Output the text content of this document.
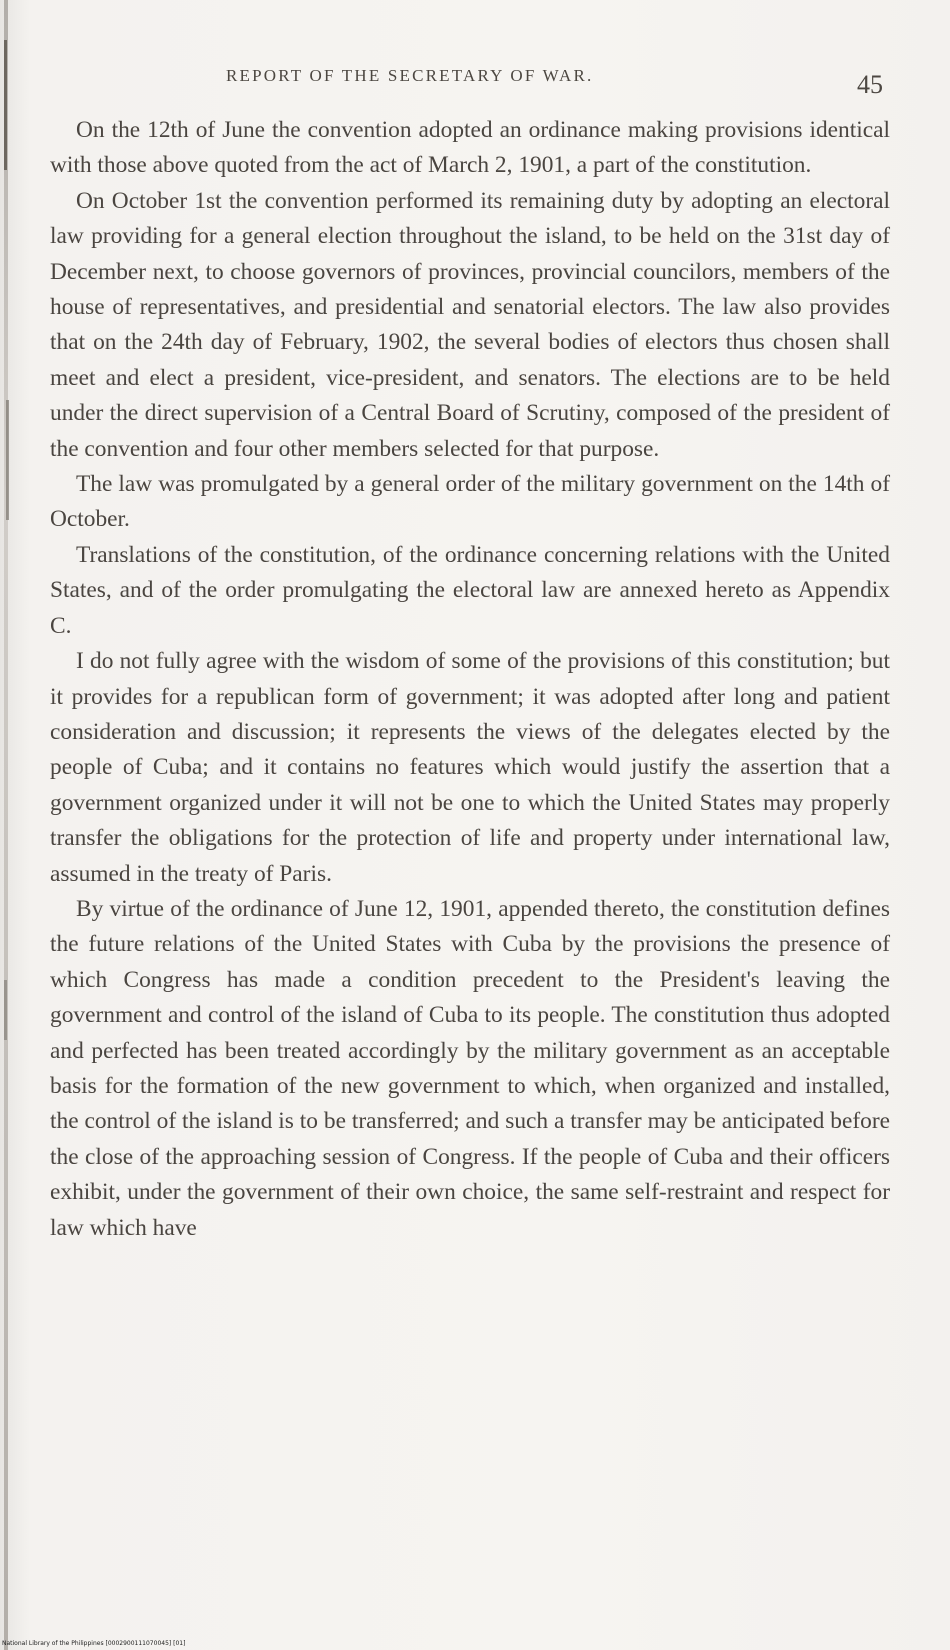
REPORT OF THE SECRETARY OF WAR.	45

On the 12th of June the convention adopted an ordinance making provisions identical with those above quoted from the act of March 2, 1901, a part of the constitution.

On October 1st the convention performed its remaining duty by adopting an electoral law providing for a general election throughout the island, to be held on the 31st day of December next, to choose governors of provinces, provincial councilors, members of the house of representatives, and presidential and senatorial electors. The law also provides that on the 24th day of February, 1902, the several bodies of electors thus chosen shall meet and elect a president, vice-president, and senators. The elections are to be held under the direct supervision of a Central Board of Scrutiny, composed of the president of the convention and four other members selected for that purpose.

The law was promulgated by a general order of the military government on the 14th of October.

Translations of the constitution, of the ordinance concerning relations with the United States, and of the order promulgating the electoral law are annexed hereto as Appendix C.

I do not fully agree with the wisdom of some of the provisions of this constitution; but it provides for a republican form of government; it was adopted after long and patient consideration and discussion; it represents the views of the delegates elected by the people of Cuba; and it contains no features which would justify the assertion that a government organized under it will not be one to which the United States may properly transfer the obligations for the protection of life and property under international law, assumed in the treaty of Paris.

By virtue of the ordinance of June 12, 1901, appended thereto, the constitution defines the future relations of the United States with Cuba by the provisions the presence of which Congress has made a condition precedent to the President's leaving the government and control of the island of Cuba to its people. The constitution thus adopted and perfected has been treated accordingly by the military government as an acceptable basis for the formation of the new government to which, when organized and installed, the control of the island is to be transferred; and such a transfer may be anticipated before the close of the approaching session of Congress. If the people of Cuba and their officers exhibit, under the government of their own choice, the same self-restraint and respect for law which have

National Library of the Philippines [0002900111070045] [01]
